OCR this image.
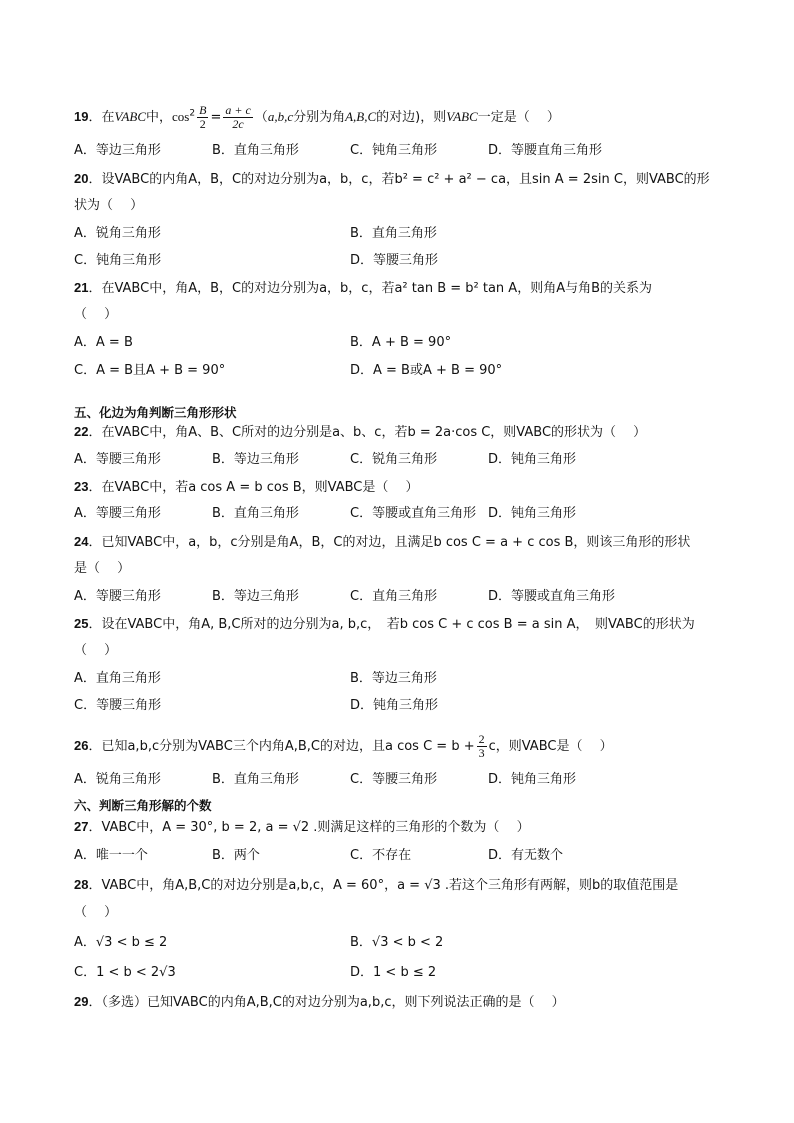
19．在VABC中，$\cos^2 \frac{B}{2} = \frac{a + c}{2c} (a,b,c$分别为角A,B,C的对边)，则VABC一定是（　 ）
A．等边三角形	B．直角三角形	C．钝角三角形	D．等腰直角三角形
20．设VABC的内角A，B，C的对边分别为a，b，c，若b² = c² + a² − ca，且sin A = 2sin C，则VABC的形
状为（　 ）
A．锐角三角形	B．直角三角形
C．钝角三角形	D．等腰三角形
21．在VABC中，角A，B，C的对边分别为a，b，c，若a² tan B = b² tan A，则角A与角B的关系为
（　 ）
A．A = B	B．A + B = 90°
C．A = B且A + B = 90°	D．A = B或A + B = 90°
五、化边为角判断三角形形状
22．在VABC中，角A、B、C所对的边分别是a、b、c，若b = 2a·cos C，则VABC的形状为（　 ）
A．等腰三角形	B．等边三角形	C．锐角三角形	D．钝角三角形
23．在VABC中，若a cos A = b cos B，则VABC是（　 ）
A．等腰三角形	B．直角三角形	C．等腰或直角三角形 D．钝角三角形
24．已知VABC中，a，b，c分别是角A，B，C的对边，且满足b cos C = a + c cos B，则该三角形的形状
是（　 ）
A．等腰三角形	B．等边三角形	C．直角三角形	D．等腰或直角三角形
25．设在VABC中，角A, B,C所对的边分别为a, b,c，　若b cos C + c cos B = a sin A，　则VABC的形状为
（　 ）
A．直角三角形	B．等边三角形
C．等腰三角形	D．钝角三角形
26．已知a,b,c分别为VABC三个内角A,B,C的对边，且a $\cos C = b + \frac{2}{3}$ c，则VABC是（　 ）
A．锐角三角形	B．直角三角形	C．等腰三角形	D．钝角三角形
六、判断三角形解的个数
27．VABC中，A = 30°, b = 2, a = √2 .则满足这样的三角形的个数为（　 ）
A．唯一一个	B．两个	C．不存在	D．有无数个
28．VABC中，角A,B,C的对边分别是a,b,c，A = 60°，a = √3 .若这个三角形有两解，则b的取值范围是
（　 ）
A．√3 < b ≤ 2	B．√3 < b < 2
C．1 < b < 2√3	D．1 < b ≤ 2
29．（多选）已知VABC的内角A,B,C的对边分别为a,b,c，则下列说法正确的是（　 ）
